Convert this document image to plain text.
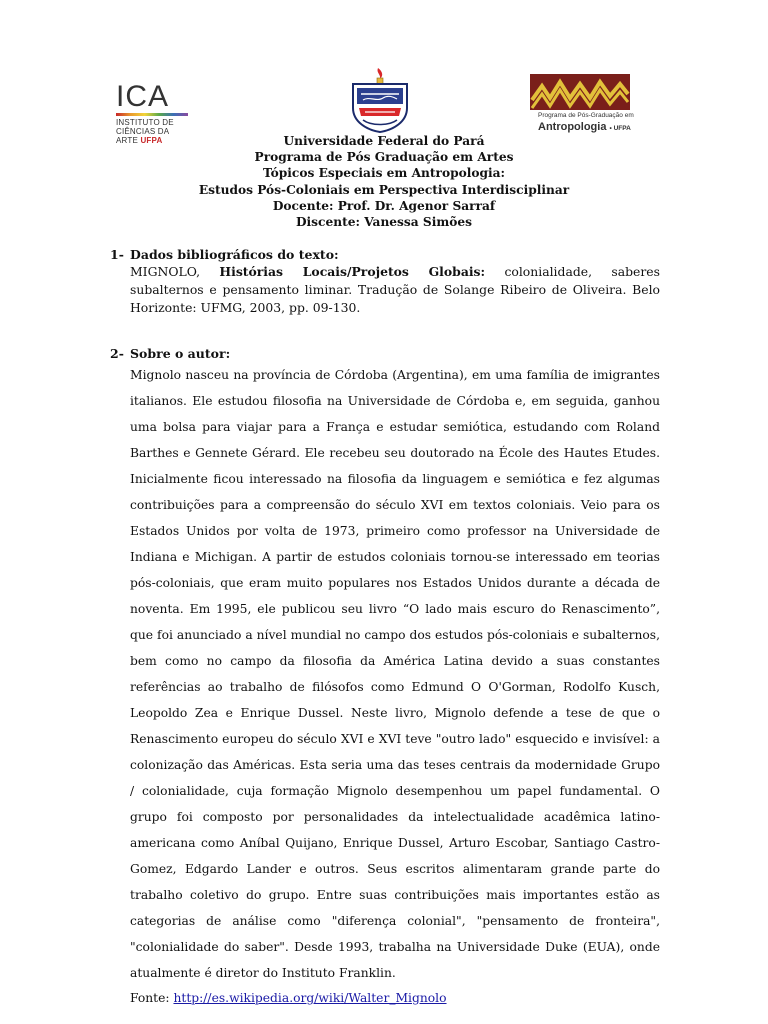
ICA
INSTITUTO DE
CIÊNCIAS DA
ARTE UFPA
Programa de Pós-Graduação em
Antropologia • UFPA
Universidade Federal do Pará
Programa de Pós Graduação em Artes
Tópicos Especiais em Antropologia:
Estudos Pós-Coloniais em Perspectiva Interdisciplinar
Docente: Prof. Dr. Agenor Sarraf
Discente: Vanessa Simões
1- Dados bibliográficos do texto:
MIGNOLO, Histórias Locais/Projetos Globais: colonialidade, saberes subalternos e pensamento liminar. Tradução de Solange Ribeiro de Oliveira. Belo Horizonte: UFMG, 2003, pp. 09-130.
2- Sobre o autor:
Mignolo nasceu na província de Córdoba (Argentina), em uma família de imigrantes italianos. Ele estudou filosofia na Universidade de Córdoba e, em seguida, ganhou uma bolsa para viajar para a França e estudar semiótica, estudando com Roland Barthes e Gennete Gérard. Ele recebeu seu doutorado na École des Hautes Etudes. Inicialmente ficou interessado na filosofia da linguagem e semiótica e fez algumas contribuições para a compreensão do século XVI em textos coloniais. Veio para os Estados Unidos por volta de 1973, primeiro como professor na Universidade de Indiana e Michigan. A partir de estudos coloniais tornou-se interessado em teorias pós-coloniais, que eram muito populares nos Estados Unidos durante a década de noventa. Em 1995, ele publicou seu livro “O lado mais escuro do Renascimento”, que foi anunciado a nível mundial no campo dos estudos pós-coloniais e subalternos, bem como no campo da filosofia da América Latina devido a suas constantes referências ao trabalho de filósofos como Edmund O O'Gorman, Rodolfo Kusch, Leopoldo Zea e Enrique Dussel. Neste livro, Mignolo defende a tese de que o Renascimento europeu do século XVI e XVI teve "outro lado" esquecido e invisível: a colonização das Américas. Esta seria uma das teses centrais da modernidade Grupo / colonialidade, cuja formação Mignolo desempenhou um papel fundamental. O grupo foi composto por personalidades da intelectualidade acadêmica latino-americana como Aníbal Quijano, Enrique Dussel, Arturo Escobar, Santiago Castro-Gomez, Edgardo Lander e outros. Seus escritos alimentaram grande parte do trabalho coletivo do grupo. Entre suas contribuições mais importantes estão as categorias de análise como "diferença colonial", "pensamento de fronteira", "colonialidade do saber". Desde 1993, trabalha na Universidade Duke (EUA), onde atualmente é diretor do Instituto Franklin.
Fonte: http://es.wikipedia.org/wiki/Walter_Mignolo
